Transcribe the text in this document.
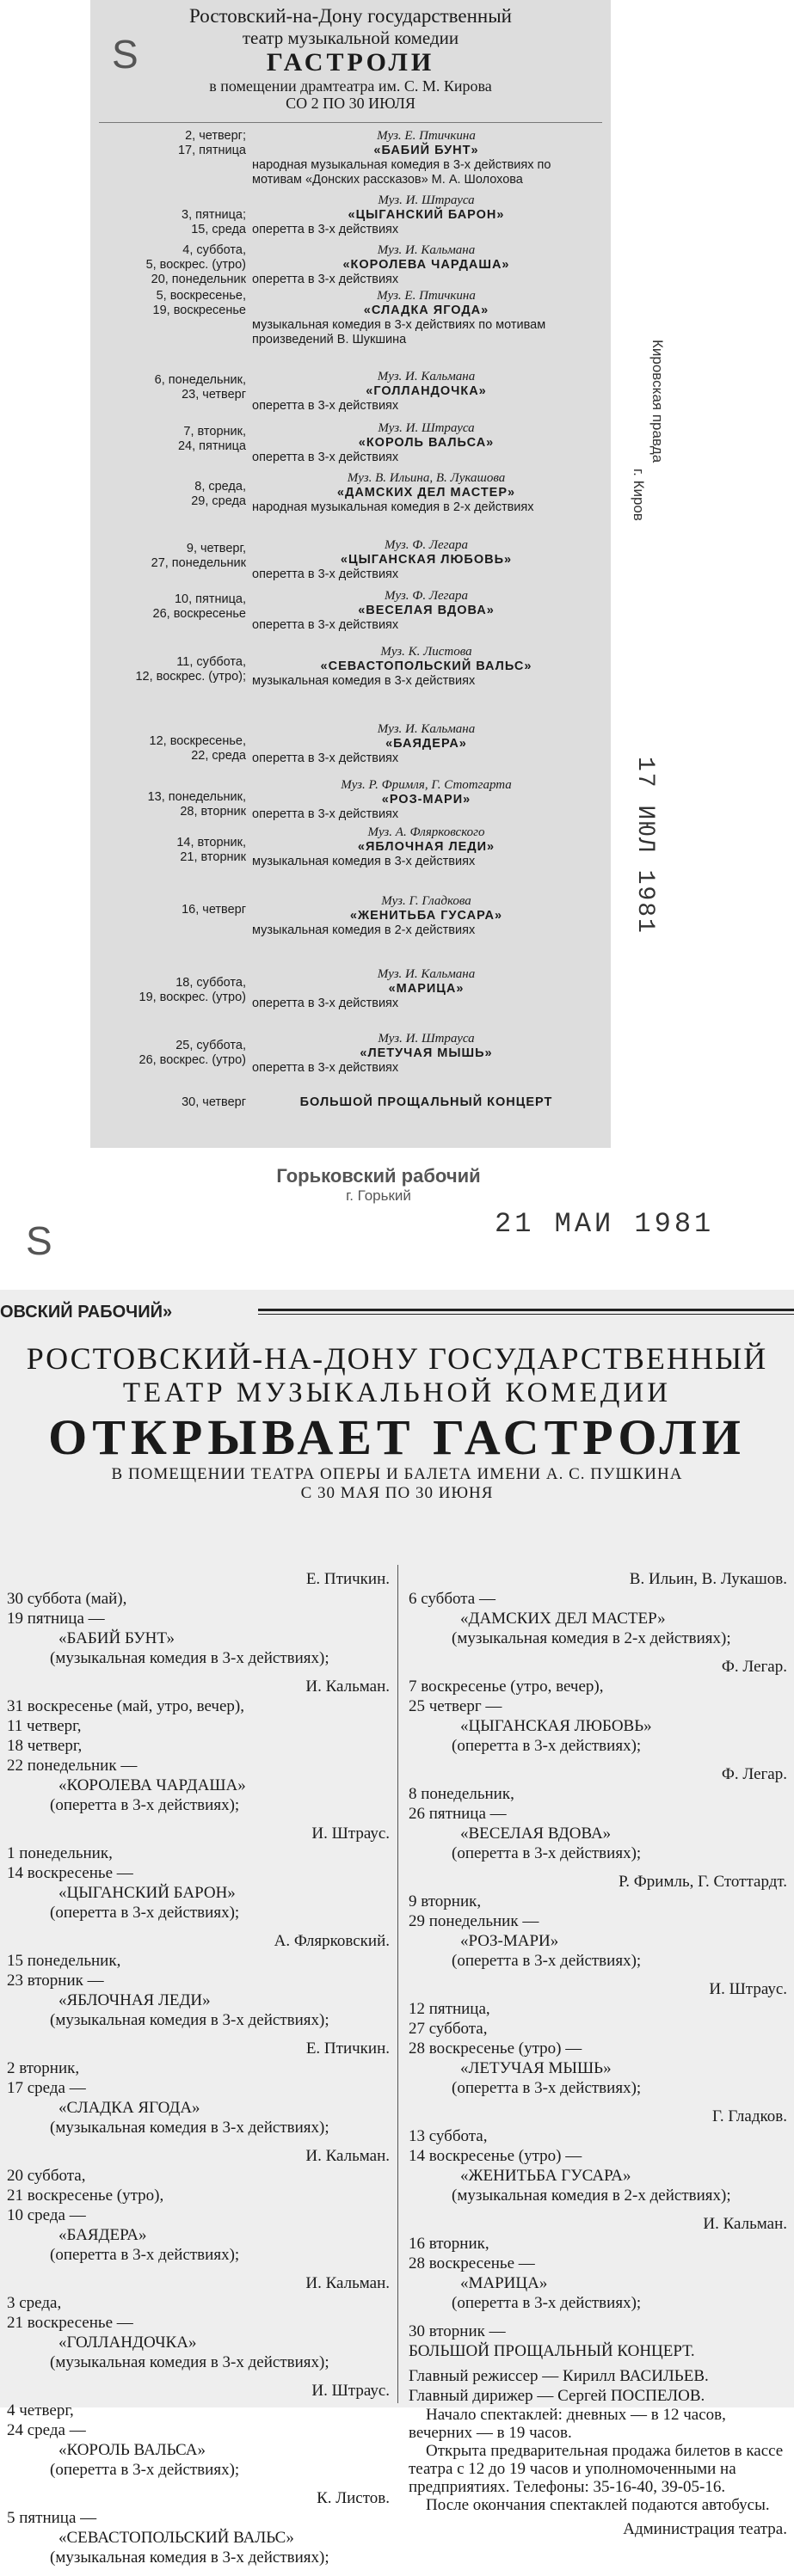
Ростовский-на-Дону государственный
театр музыкальной комедии
ГАСТРОЛИ
в помещении драмтеатра им. С. М. Кирова
СО 2 ПО 30 ИЮЛЯ
2, четверг;
17, пятница
Муз. Е. Птичкина
«БАБИЙ БУНТ»
народная музыкальная комедия в 3-х действиях по мотивам «Донских рассказов» М. А. Шолохова
3, пятница;
15, среда
Муз. И. Штрауса
«ЦЫГАНСКИЙ БАРОН»
оперетта в 3-х действиях
4, суббота,
5, воскрес. (утро)
20, понедельник
Муз. И. Кальмана
«КОРОЛЕВА ЧАРДАША»
оперетта в 3-х действиях
5, воскресенье,
19, воскресенье
Муз. Е. Птичкина
«СЛАДКА ЯГОДА»
музыкальная комедия в 3-х действиях по мотивам произведений В. Шукшина
6, понедельник,
23, четверг
Муз. И. Кальмана
«ГОЛЛАНДОЧКА»
оперетта в 3-х действиях
7, вторник,
24, пятница
Муз. И. Штрауса
«КОРОЛЬ ВАЛЬСА»
оперетта в 3-х действиях
8, среда,
29, среда
Муз. В. Ильина, В. Лукашова
«ДАМСКИХ ДЕЛ МАСТЕР»
народная музыкальная комедия в 2-х действиях
9, четверг,
27, понедельник
Муз. Ф. Легара
«ЦЫГАНСКАЯ ЛЮБОВЬ»
оперетта в 3-х действиях
10, пятница,
26, воскресенье
Муз. Ф. Легара
«ВЕСЕЛАЯ ВДОВА»
оперетта в 3-х действиях
11, суббота,
12, воскрес. (утро);
Муз. К. Листова
«СЕВАСТОПОЛЬСКИЙ ВАЛЬС»
музыкальная комедия в 3-х действиях
12, воскресенье,
22, среда
Муз. И. Кальмана
«БАЯДЕРА»
оперетта в 3-х действиях
13, понедельник,
28, вторник
Муз. Р. Фримля, Г. Стотгарта
«РОЗ-МАРИ»
оперетта в 3-х действиях
14, вторник,
21, вторник
Муз. А. Флярковского
«ЯБЛОЧНАЯ ЛЕДИ»
музыкальная комедия в 3-х действиях
16, четверг
Муз. Г. Гладкова
«ЖЕНИТЬБА ГУСАРА»
музыкальная комедия в 2-х действиях
18, суббота,
19, воскрес. (утро)
Муз. И. Кальмана
«МАРИЦА»
оперетта в 3-х действиях
25, суббота,
26, воскрес. (утро)
Муз. И. Штрауса
«ЛЕТУЧАЯ МЫШЬ»
оперетта в 3-х действиях
30, четверг	БОЛЬШОЙ ПРОЩАЛЬНЫЙ КОНЦЕРТ
Кировская правда
г. Киров
17 ИЮЛ 1981
S
Горьковский рабочий
г. Горький
S	21 МАИ 1981
ОВСКИЙ РАБОЧИЙ»
РОСТОВСКИЙ-НА-ДОНУ ГОСУДАРСТВЕННЫЙ
ТЕАТР МУЗЫКАЛЬНОЙ КОМЕДИИ
ОТКРЫВАЕТ ГАСТРОЛИ
В ПОМЕЩЕНИИ ТЕАТРА ОПЕРЫ И БАЛЕТА ИМЕНИ А. С. ПУШКИНА
С 30 МАЯ ПО 30 ИЮНЯ
Е. Птичкин.
30 суббота (май),
19 пятница —
«БАБИЙ БУНТ»
(музыкальная комедия в 3-х действиях);
И. Кальман.
31 воскресенье (май, утро, вечер),
11 четверг,
18 четверг,
22 понедельник —
«КОРОЛЕВА ЧАРДАША»
(оперетта в 3-х действиях);
И. Штраус.
1 понедельник,
14 воскресенье —
«ЦЫГАНСКИЙ БАРОН»
(оперетта в 3-х действиях);
А. Флярковский.
15 понедельник,
23 вторник —
«ЯБЛОЧНАЯ ЛЕДИ»
(музыкальная комедия в 3-х действиях);
Е. Птичкин.
2 вторник,
17 среда —
«СЛАДКА ЯГОДА»
(музыкальная комедия в 3-х действиях);
И. Кальман.
20 суббота,
21 воскресенье (утро),
10 среда —
«БАЯДЕРА»
(оперетта в 3-х действиях);
И. Кальман.
3 среда,
21 воскресенье —
«ГОЛЛАНДОЧКА»
(музыкальная комедия в 3-х действиях);
И. Штраус.
4 четверг,
24 среда —
«КОРОЛЬ ВАЛЬСА»
(оперетта в 3-х действиях);
К. Листов.
5 пятница —
«СЕВАСТОПОЛЬСКИЙ ВАЛЬС»
(музыкальная комедия в 3-х действиях);
В. Ильин, В. Лукашов.
6 суббота —
«ДАМСКИХ ДЕЛ МАСТЕР»
(музыкальная комедия в 2-х действиях);
Ф. Легар.
7 воскресенье (утро, вечер),
25 четверг —
«ЦЫГАНСКАЯ ЛЮБОВЬ»
(оперетта в 3-х действиях);
Ф. Легар.
8 понедельник,
26 пятница —
«ВЕСЕЛАЯ ВДОВА»
(оперетта в 3-х действиях);
Р. Фримль, Г. Стоттардт.
9 вторник,
29 понедельник —
«РОЗ-МАРИ»
(оперетта в 3-х действиях);
И. Штраус.
12 пятница,
27 суббота,
28 воскресенье (утро) —
«ЛЕТУЧАЯ МЫШЬ»
(оперетта в 3-х действиях);
Г. Гладков.
13 суббота,
14 воскресенье (утро) —
«ЖЕНИТЬБА ГУСАРА»
(музыкальная комедия в 2-х действиях);
И. Кальман.
16 вторник,
28 воскресенье —
«МАРИЦА»
(оперетта в 3-х действиях);
30 вторник —
БОЛЬШОЙ ПРОЩАЛЬНЫЙ КОНЦЕРТ.
Главный режиссер — Кирилл ВАСИЛЬЕВ.
Главный дирижер — Сергей ПОСПЕЛОВ.
Начало спектаклей: дневных — в 12 часов, вечерних — в 19 часов.
Открыта предварительная продажа билетов в кассе театра с 12 до 19 часов и уполномоченными на предприятиях. Телефоны: 35-16-40, 39-05-16.
После окончания спектаклей подаются автобусы.
Администрация театра.
